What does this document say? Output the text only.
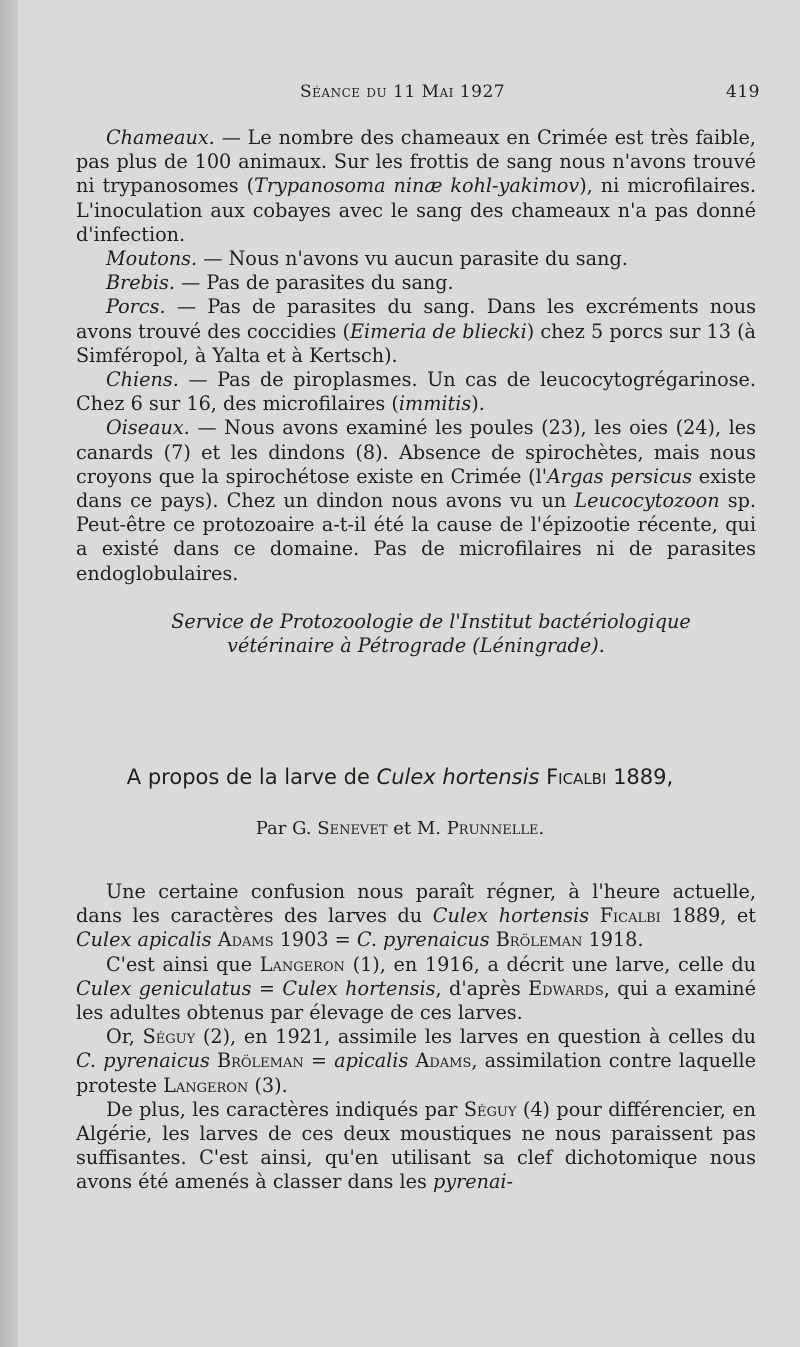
Séance du 11 Mai 1927	419

Chameaux. — Le nombre des chameaux en Crimée est très faible, pas plus de 100 animaux. Sur les frottis de sang nous n'avons trouvé ni trypanosomes (Trypanosoma ninæ kohl-yakimov), ni microfilaires. L'inoculation aux cobayes avec le sang des chameaux n'a pas donné d'infection.

Moutons. — Nous n'avons vu aucun parasite du sang.

Brebis. — Pas de parasites du sang.

Porcs. — Pas de parasites du sang. Dans les excréments nous avons trouvé des coccidies (Eimeria de bliecki) chez 5 porcs sur 13 (à Simféropol, à Yalta et à Kertsch).

Chiens. — Pas de piroplasmes. Un cas de leucocytogrégarinose. Chez 6 sur 16, des microfilaires (immitis).

Oiseaux. — Nous avons examiné les poules (23), les oies (24), les canards (7) et les dindons (8). Absence de spirochètes, mais nous croyons que la spirochétose existe en Crimée (l'Argas persicus existe dans ce pays). Chez un dindon nous avons vu un Leucocytozoon sp. Peut-être ce protozoaire a-t-il été la cause de l'épizootie récente, qui a existé dans ce domaine. Pas de microfilaires ni de parasites endoglobulaires.

Service de Protozoologie de l'Institut bactériologique
vétérinaire à Pétrograde (Léningrade).
A propos de la larve de Culex hortensis Ficalbi 1889,
Par G. Senevet et M. Prunnelle.

Une certaine confusion nous paraît régner, à l'heure actuelle, dans les caractères des larves du Culex hortensis Ficalbi 1889, et Culex apicalis Adams 1903 = C. pyrenaicus Bröleman 1918.

C'est ainsi que Langeron (1), en 1916, a décrit une larve, celle du Culex geniculatus = Culex hortensis, d'après Edwards, qui a examiné les adultes obtenus par élevage de ces larves.

Or, Séguy (2), en 1921, assimile les larves en question à celles du C. pyrenaicus Bröleman = apicalis Adams, assimilation contre laquelle proteste Langeron (3).

De plus, les caractères indiqués par Séguy (4) pour différencier, en Algérie, les larves de ces deux moustiques ne nous paraissent pas suffisantes. C'est ainsi, qu'en utilisant sa clef dichotomique nous avons été amenés à classer dans les pyrenai-
